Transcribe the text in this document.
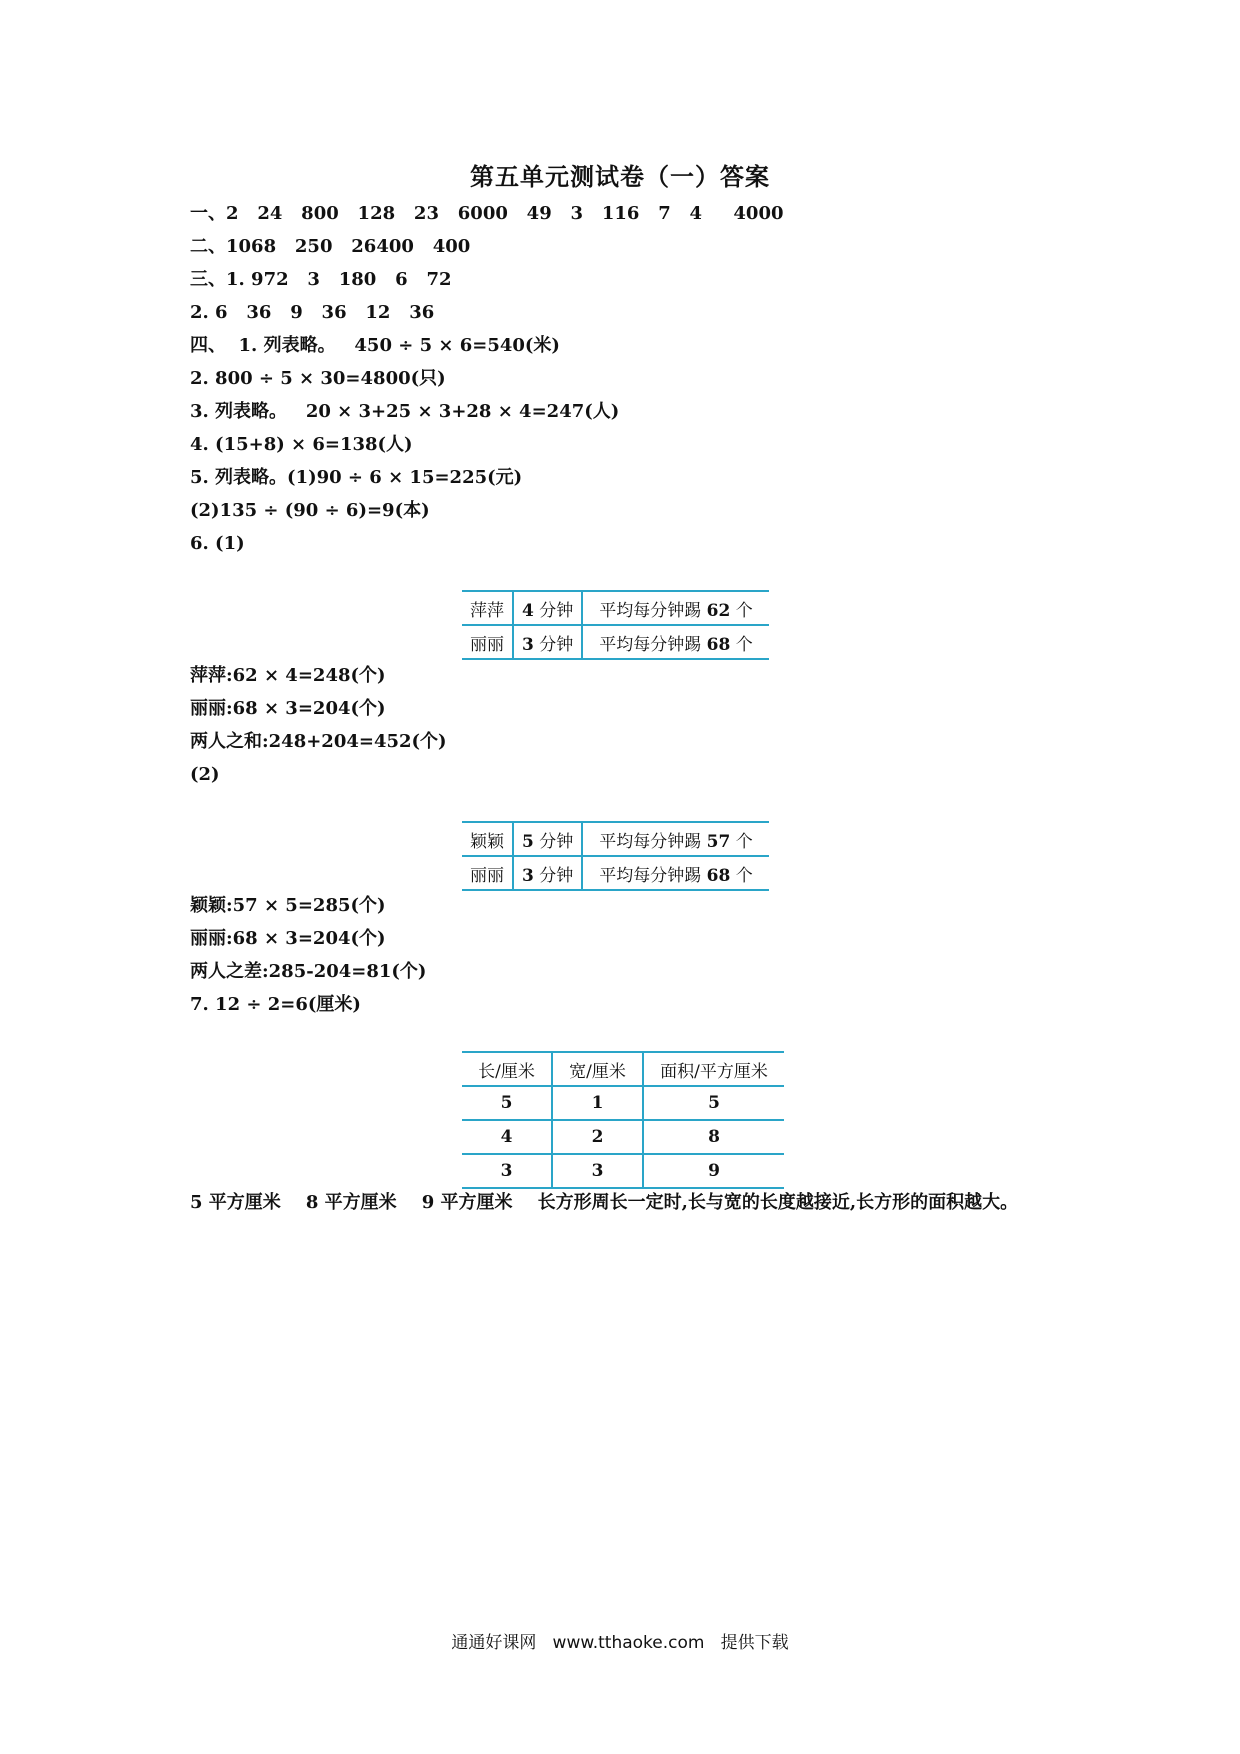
第五单元测试卷（一）答案
一、2   24   800   128   23   6000   49   3   116   7   4     4000
二、1068   250   26400   400
三、1. 972   3   180   6   72
2. 6   36   9   36   12   36
四、  1. 列表略。   450 ÷ 5 × 6=540(米)
2. 800 ÷ 5 × 30=4800(只)
3. 列表略。   20 × 3+25 × 3+28 × 4=247(人)
4. (15+8) × 6=138(人)
5. 列表略。(1)90 ÷ 6 × 15=225(元)
(2)135 ÷ (90 ÷ 6)=9(本)
6. (1)
萍萍	4 分钟	平均每分钟踢 62 个
丽丽	3 分钟	平均每分钟踢 68 个
萍萍:62 × 4=248(个)
丽丽:68 × 3=204(个)
两人之和:248+204=452(个)
(2)
颖颖	5 分钟	平均每分钟踢 57 个
丽丽	3 分钟	平均每分钟踢 68 个
颖颖:57 × 5=285(个)
丽丽:68 × 3=204(个)
两人之差:285-204=81(个)
7. 12 ÷ 2=6(厘米)
长/厘米	宽/厘米	面积/平方厘米
5	1	5
4	2	8
3	3	9
5 平方厘米    8 平方厘米    9 平方厘米    长方形周长一定时,长与宽的长度越接近,长方形的面积越大。
通通好课网   www.tthaoke.com   提供下载
